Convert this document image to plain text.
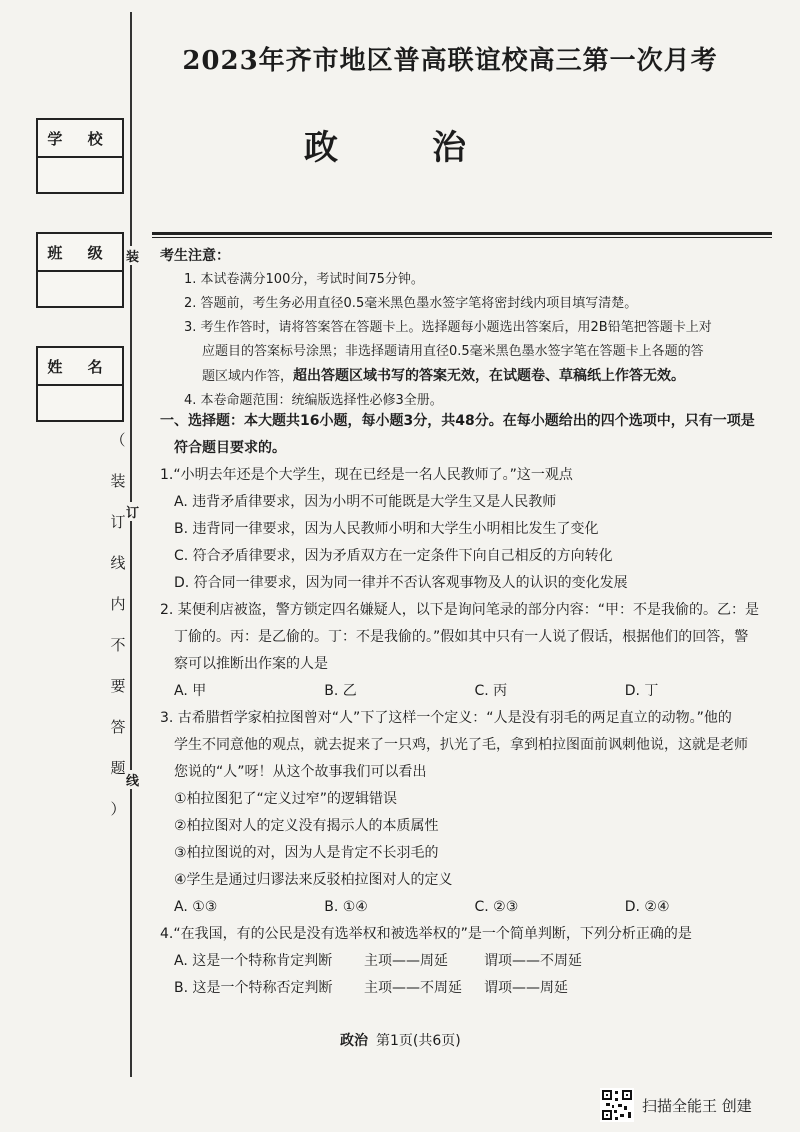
学 校
班 级
姓 名
装
订
线
（
装
订
线
内
不
要
答
题
）
2023年齐市地区普高联谊校高三第一次月考
政　治

考生注意：

1. 本试卷满分100分，考试时间75分钟。

2. 答题前，考生务必用直径0.5毫米黑色墨水签字笔将密封线内项目填写清楚。

3. 考生作答时，请将答案答在答题卡上。选择题每小题选出答案后，用2B铅笔把答题卡上对

应题目的答案标号涂黑；非选择题请用直径0.5毫米黑色墨水签字笔在答题卡上各题的答

题区域内作答，超出答题区域书写的答案无效，在试题卷、草稿纸上作答无效。

4. 本卷命题范围：统编版选择性必修3全册。

一、选择题：本大题共16小题，每小题3分，共48分。在每小题给出的四个选项中，只有一项是

符合题目要求的。

1.“小明去年还是个大学生，现在已经是一名人民教师了。”这一观点

A. 违背矛盾律要求，因为小明不可能既是大学生又是人民教师

B. 违背同一律要求，因为人民教师小明和大学生小明相比发生了变化

C. 符合矛盾律要求，因为矛盾双方在一定条件下向自己相反的方向转化

D. 符合同一律要求，因为同一律并不否认客观事物及人的认识的变化发展

2. 某便利店被盗，警方锁定四名嫌疑人，以下是询问笔录的部分内容：“甲：不是我偷的。乙：是

丁偷的。丙：是乙偷的。丁：不是我偷的。”假如其中只有一人说了假话，根据他们的回答，警

察可以推断出作案的人是

A. 甲	B. 乙	C. 丙	D. 丁

3. 古希腊哲学家柏拉图曾对“人”下了这样一个定义：“人是没有羽毛的两足直立的动物。”他的

学生不同意他的观点，就去捉来了一只鸡，扒光了毛，拿到柏拉图面前讽刺他说，这就是老师

您说的“人”呀！从这个故事我们可以看出

①柏拉图犯了“定义过窄”的逻辑错误

②柏拉图对人的定义没有揭示人的本质属性

③柏拉图说的对，因为人是肯定不长羽毛的

④学生是通过归谬法来反驳柏拉图对人的定义

A. ①③	B. ①④	C. ②③	D. ②④

4.“在我国，有的公民是没有选举权和被选举权的”是一个简单判断，下列分析正确的是

A. 这是一个特称肯定判断	主项——周延	谓项——不周延
B. 这是一个特称否定判断	主项——不周延	谓项——周延
政治 第1页(共6页)
扫描全能王 创建
